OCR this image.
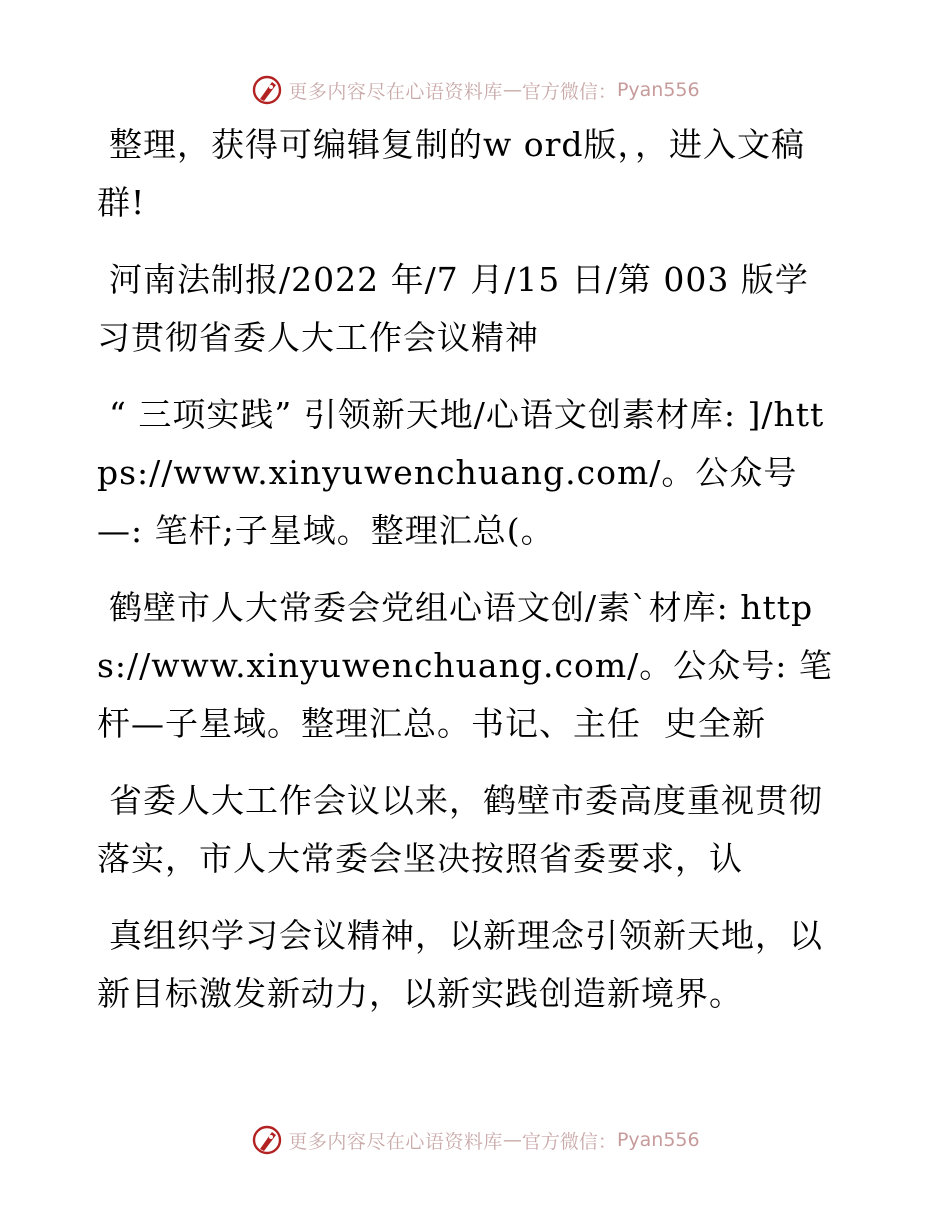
更多内容尽在心语资料库 — 官方微信： Pyan556

整理，获得可编辑复制的w ord版，，进入文稿群!

河南法制报/2022 年/7 月/15 日/第 003 版学习贯彻省委人大工作会议精神

“ 三项实践” 引领新天地/心语文创素材库: ]/https://www.xinyuwenchuang.com/。公众号—: 笔杆;子星域。整理汇总(。

鹤壁市人大常委会党组心语文创/素`材库: https://www.xinyuwenchuang.com/。公众号: 笔杆—子星域。整理汇总。书记、主任  史全新

省委人大工作会议以来，鹤壁市委高度重视贯彻落实，市人大常委会坚决按照省委要求，认

真组织学习会议精神，以新理念引领新天地，以新目标激发新动力，以新实践创造新境界。

更多内容尽在心语资料库 — 官方微信： Pyan556
